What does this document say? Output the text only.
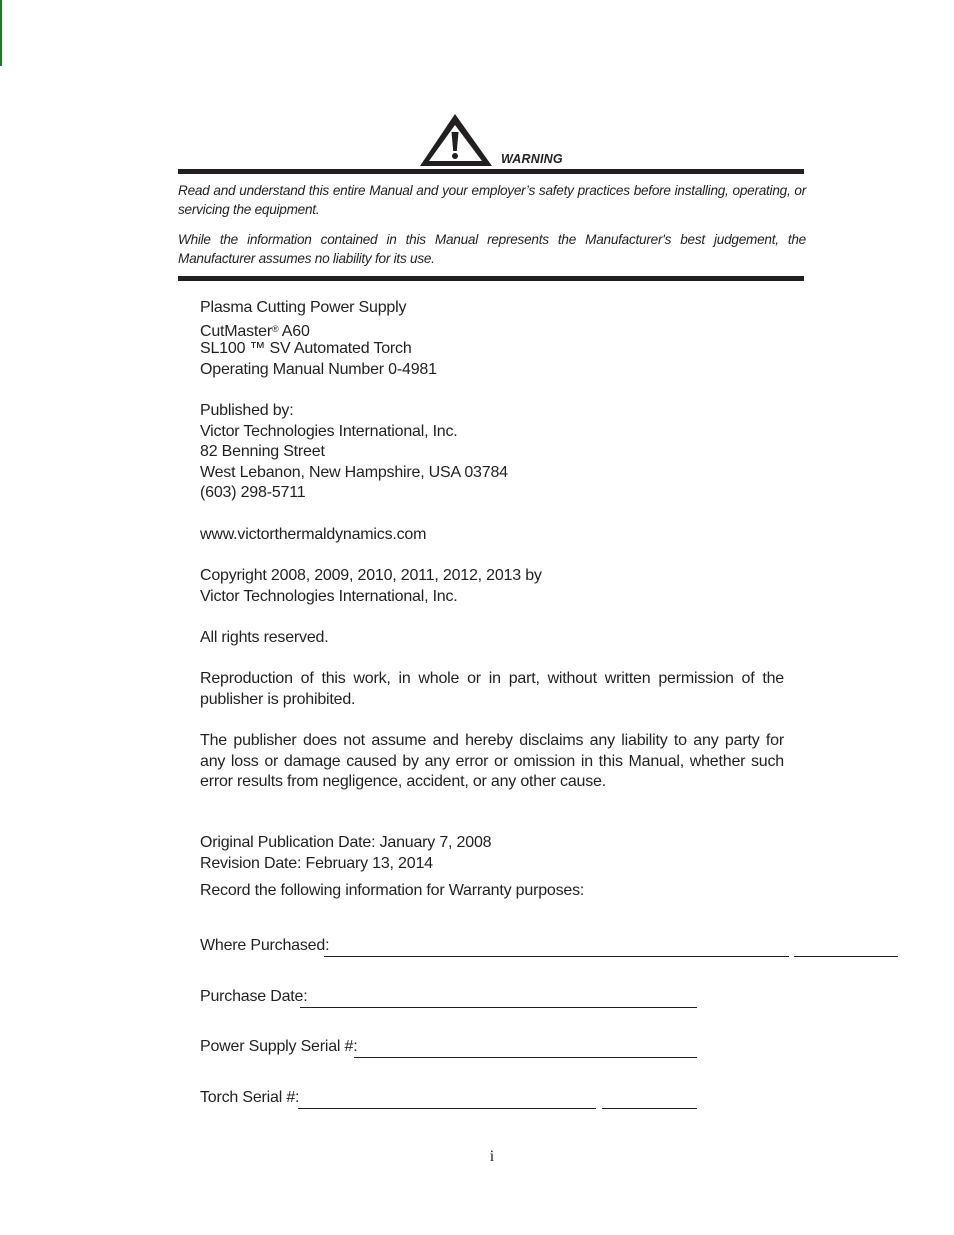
WARNING
Read and understand this entire Manual and your employer’s safety practices before installing, operating, or servicing the equipment.
While the information contained in this Manual represents the Manufacturer's best judgement, the Manufacturer assumes no liability for its use.
Plasma Cutting Power Supply
CutMaster® A60
SL100 ™ SV Automated Torch
Operating Manual Number 0-4981
Published by:
Victor Technologies International, Inc.
82 Benning Street
West Lebanon, New Hampshire, USA 03784
(603) 298-5711
www.victorthermaldynamics.com
Copyright 2008, 2009, 2010, 2011, 2012, 2013 by
Victor Technologies International, Inc.
All rights reserved.
Reproduction of this work, in whole or in part, without written permission of the publisher is prohibited.
The publisher does not assume and hereby disclaims any liability to any party for any loss or damage caused by any error or omission in this Manual, whether such error results from negligence, accident, or any other cause.
Original Publication Date: January 7, 2008
Revision Date: February 13, 2014
Record the following information for Warranty purposes:
Where Purchased:
Purchase Date:
Power Supply Serial #:
Torch Serial #:
i
